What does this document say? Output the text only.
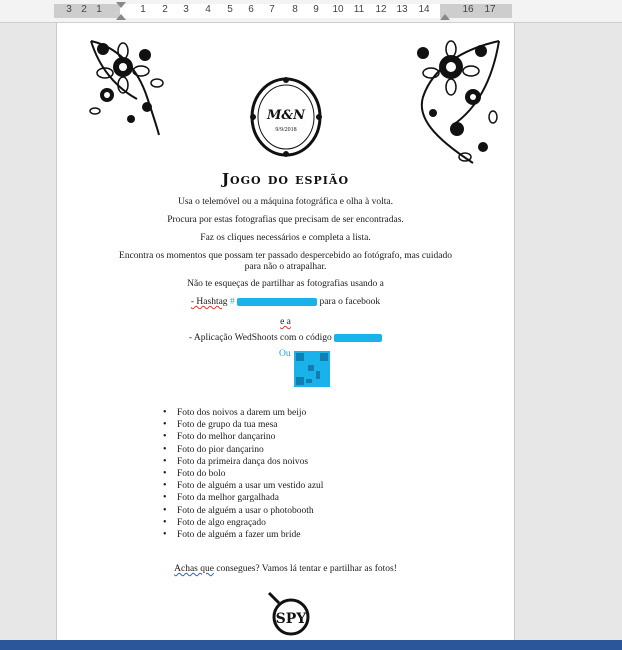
3 2 1	1 2 3 4 5 6 7 8 9 10 11 12 13 14	16 17
M&N
9/9/2018
Jogo do espião
Usa o telemóvel ou a máquina fotográfica e olha à volta.
Procura por estas fotografias que precisam de ser encontradas.
Faz os cliques necessários e completa a lista.
Encontra os momentos que possam ter passado despercebido ao fotógrafo, mas cuidado
para não o atrapalhar.
Não te esqueças de partilhar as fotografias usando a
- Hashtag #	para o facebook
e a
- Aplicação WedShoots com o código
Ou
• Foto dos noivos a darem um beijo
• Foto de grupo da tua mesa
• Foto do melhor dançarino
• Foto do pior dançarino
• Foto da primeira dança dos noivos
• Foto do bolo
• Foto de alguém a usar um vestido azul
• Foto da melhor gargalhada
• Foto de alguém a usar o photobooth
• Foto de algo engraçado
• Foto de alguém a fazer um bride
Achas que consegues? Vamos lá tentar e partilhar as fotos!
SPY
